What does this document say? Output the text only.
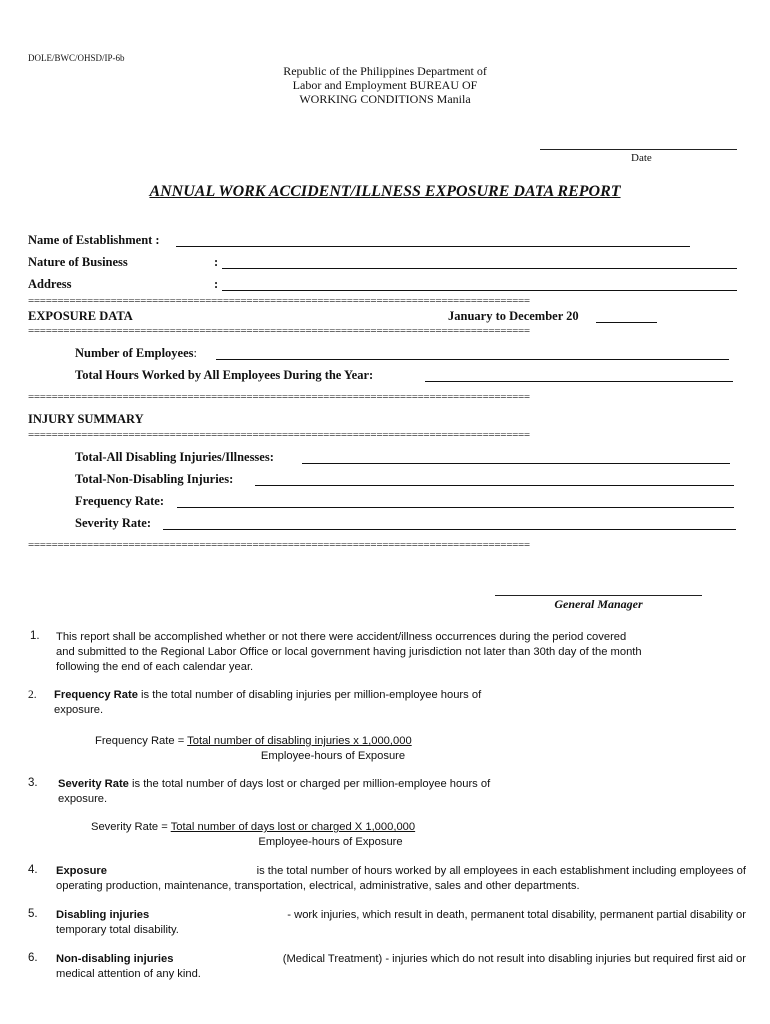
DOLE/BWC/OHSD/IP-6b
Republic of the Philippines Department of
Labor and Employment BUREAU OF
WORKING CONDITIONS Manila
Date
ANNUAL WORK ACCIDENT/ILLNESS EXPOSURE DATA REPORT
Name of Establishment :
Nature of Business	:
Address	:
=====================================================================================
EXPOSURE DATA	January to December 20
=====================================================================================
Number of Employees:
Total Hours Worked by All Employees During the Year:
=====================================================================================
INJURY SUMMARY
=====================================================================================
Total-All Disabling Injuries/Illnesses:
Total-Non-Disabling Injuries:
Frequency Rate:
Severity Rate:
=====================================================================================
General Manager
1. This report shall be accomplished whether or not there were accident/illness occurrences during the period covered
and submitted to the Regional Labor Office or local government having jurisdiction not later than 30th day of the month
following the end of each calendar year.
2. Frequency Rate is the total number of disabling injuries per million-employee hours of
exposure.
Frequency Rate = Total number of disabling injuries x 1,000,000
Employee-hours of Exposure
3. Severity Rate is the total number of days lost or charged per million-employee hours of
exposure.
Severity Rate = Total number of days lost or charged X 1,000,000
Employee-hours of Exposure
4. Exposure	is the total number of hours worked by all employees in each establishment including employees of
operating production, maintenance, transportation, electrical, administrative, sales and other departments.
5. Disabling injuries	- work injuries, which result in death, permanent total disability, permanent partial disability or
temporary total disability.
6. Non-disabling injuries	(Medical Treatment) - injuries which do not result into disabling injuries but required first aid or
medical attention of any kind.
